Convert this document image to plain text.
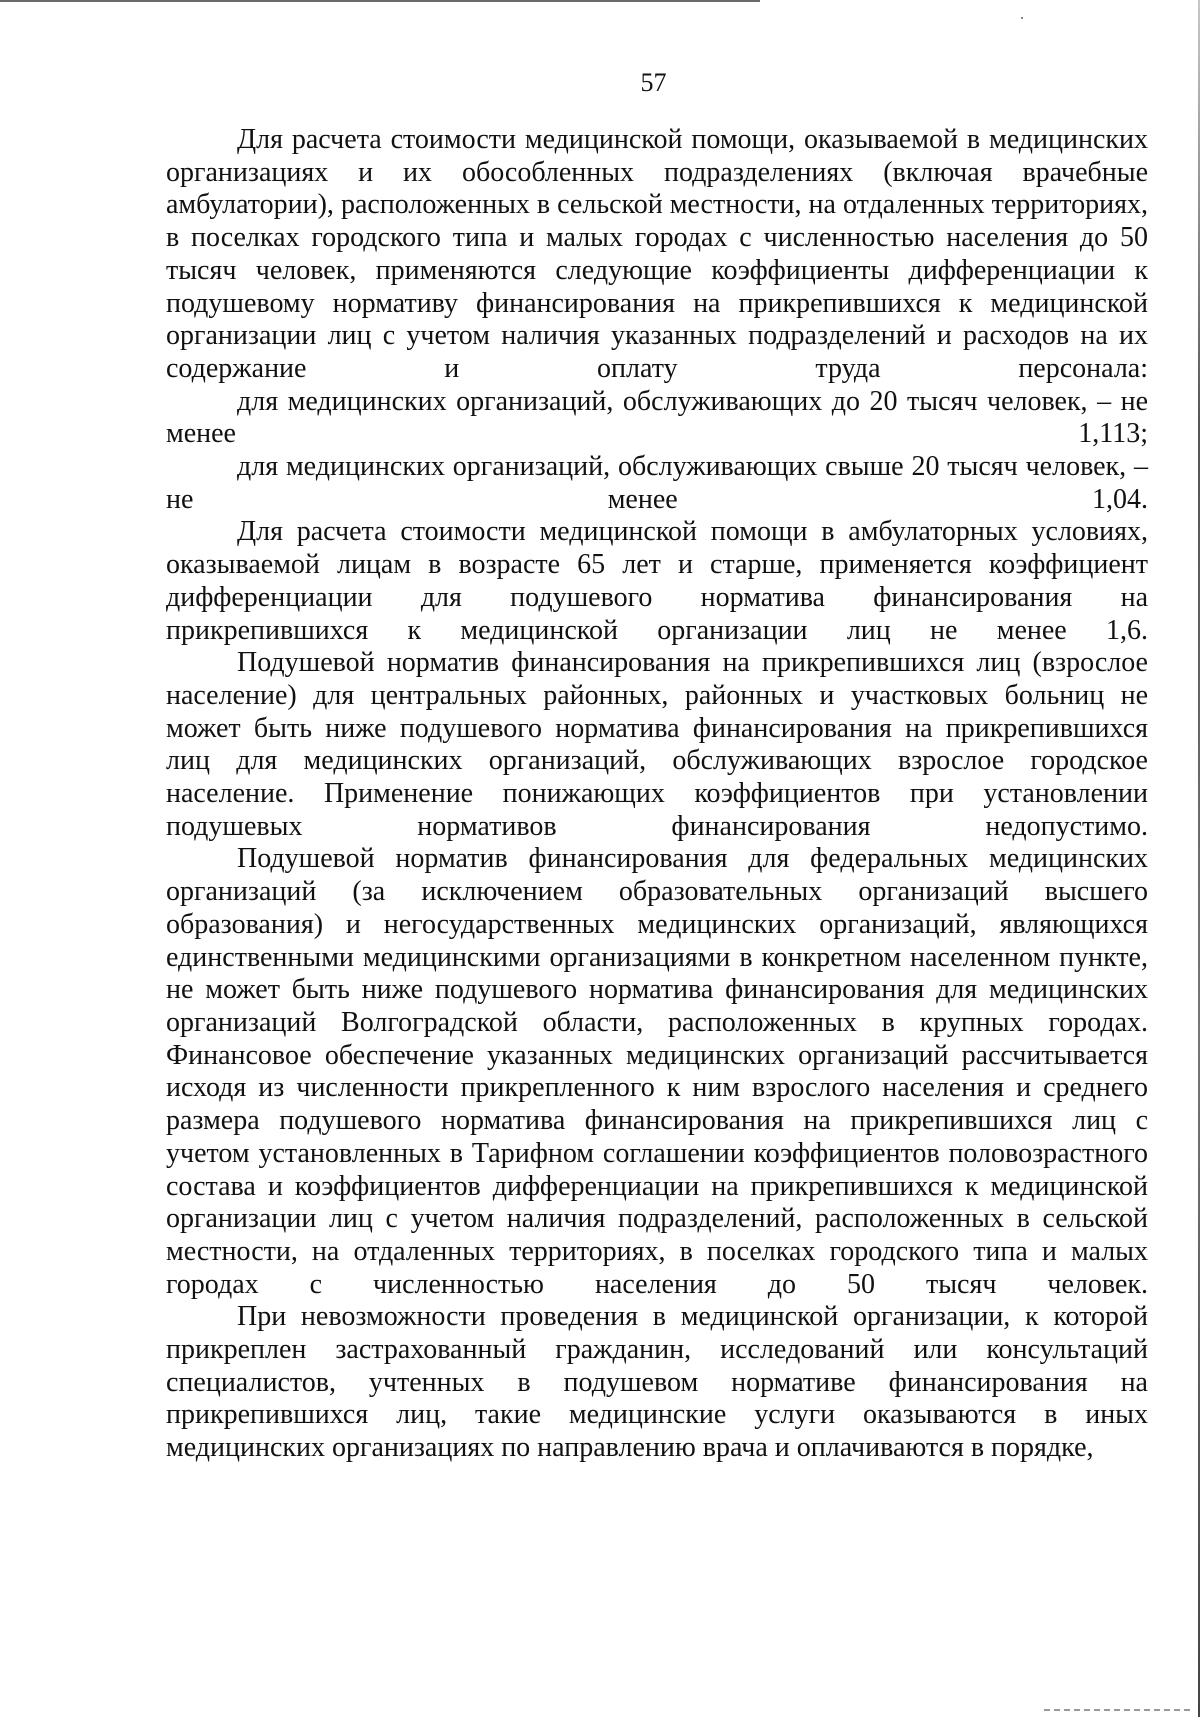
57

Для расчета стоимости медицинской помощи, оказываемой в медицинских организациях и их обособленных подразделениях (включая врачебные амбулатории), расположенных в сельской местности, на отдаленных территориях, в поселках городского типа и малых городах с численностью населения до 50 тысяч человек, применяются следующие коэффициенты дифференциации к подушевому нормативу финансирования на прикрепившихся к медицинской организации лиц с учетом наличия указанных подразделений и расходов на их содержание и оплату труда персонала:

для медицинских организаций, обслуживающих до 20 тысяч человек, – не менее 1,113;

для медицинских организаций, обслуживающих свыше 20 тысяч человек, – не менее 1,04.

Для расчета стоимости медицинской помощи в амбулаторных условиях, оказываемой лицам в возрасте 65 лет и старше, применяется коэффициент дифференциации для подушевого норматива финансирования на прикрепившихся к медицинской организации лиц не менее 1,6.

Подушевой норматив финансирования на прикрепившихся лиц (взрослое население) для центральных районных, районных и участковых больниц не может быть ниже подушевого норматива финансирования на прикрепившихся лиц для медицинских организаций, обслуживающих взрослое городское население. Применение понижающих коэффициентов при установлении подушевых нормативов финансирования недопустимо.

Подушевой норматив финансирования для федеральных медицинских организаций (за исключением образовательных организаций высшего образования) и негосударственных медицинских организаций, являющихся единственными медицинскими организациями в конкретном населенном пункте, не может быть ниже подушевого норматива финансирования для медицинских организаций Волгоградской области, расположенных в крупных городах. Финансовое обеспечение указанных медицинских организаций рассчитывается исходя из численности прикрепленного к ним взрослого населения и среднего размера подушевого норматива финансирования на прикрепившихся лиц с учетом установленных в Тарифном соглашении коэффициентов половозрастного состава и коэффициентов дифференциации на прикрепившихся к медицинской организации лиц с учетом наличия подразделений, расположенных в сельской местности, на отдаленных территориях, в поселках городского типа и малых городах с численностью населения до 50 тысяч человек.

При невозможности проведения в медицинской организации, к которой прикреплен застрахованный гражданин, исследований или консультаций специалистов, учтенных в подушевом нормативе финансирования на прикрепившихся лиц, такие медицинские услуги оказываются в иных медицинских организациях по направлению врача и оплачиваются в порядке,
